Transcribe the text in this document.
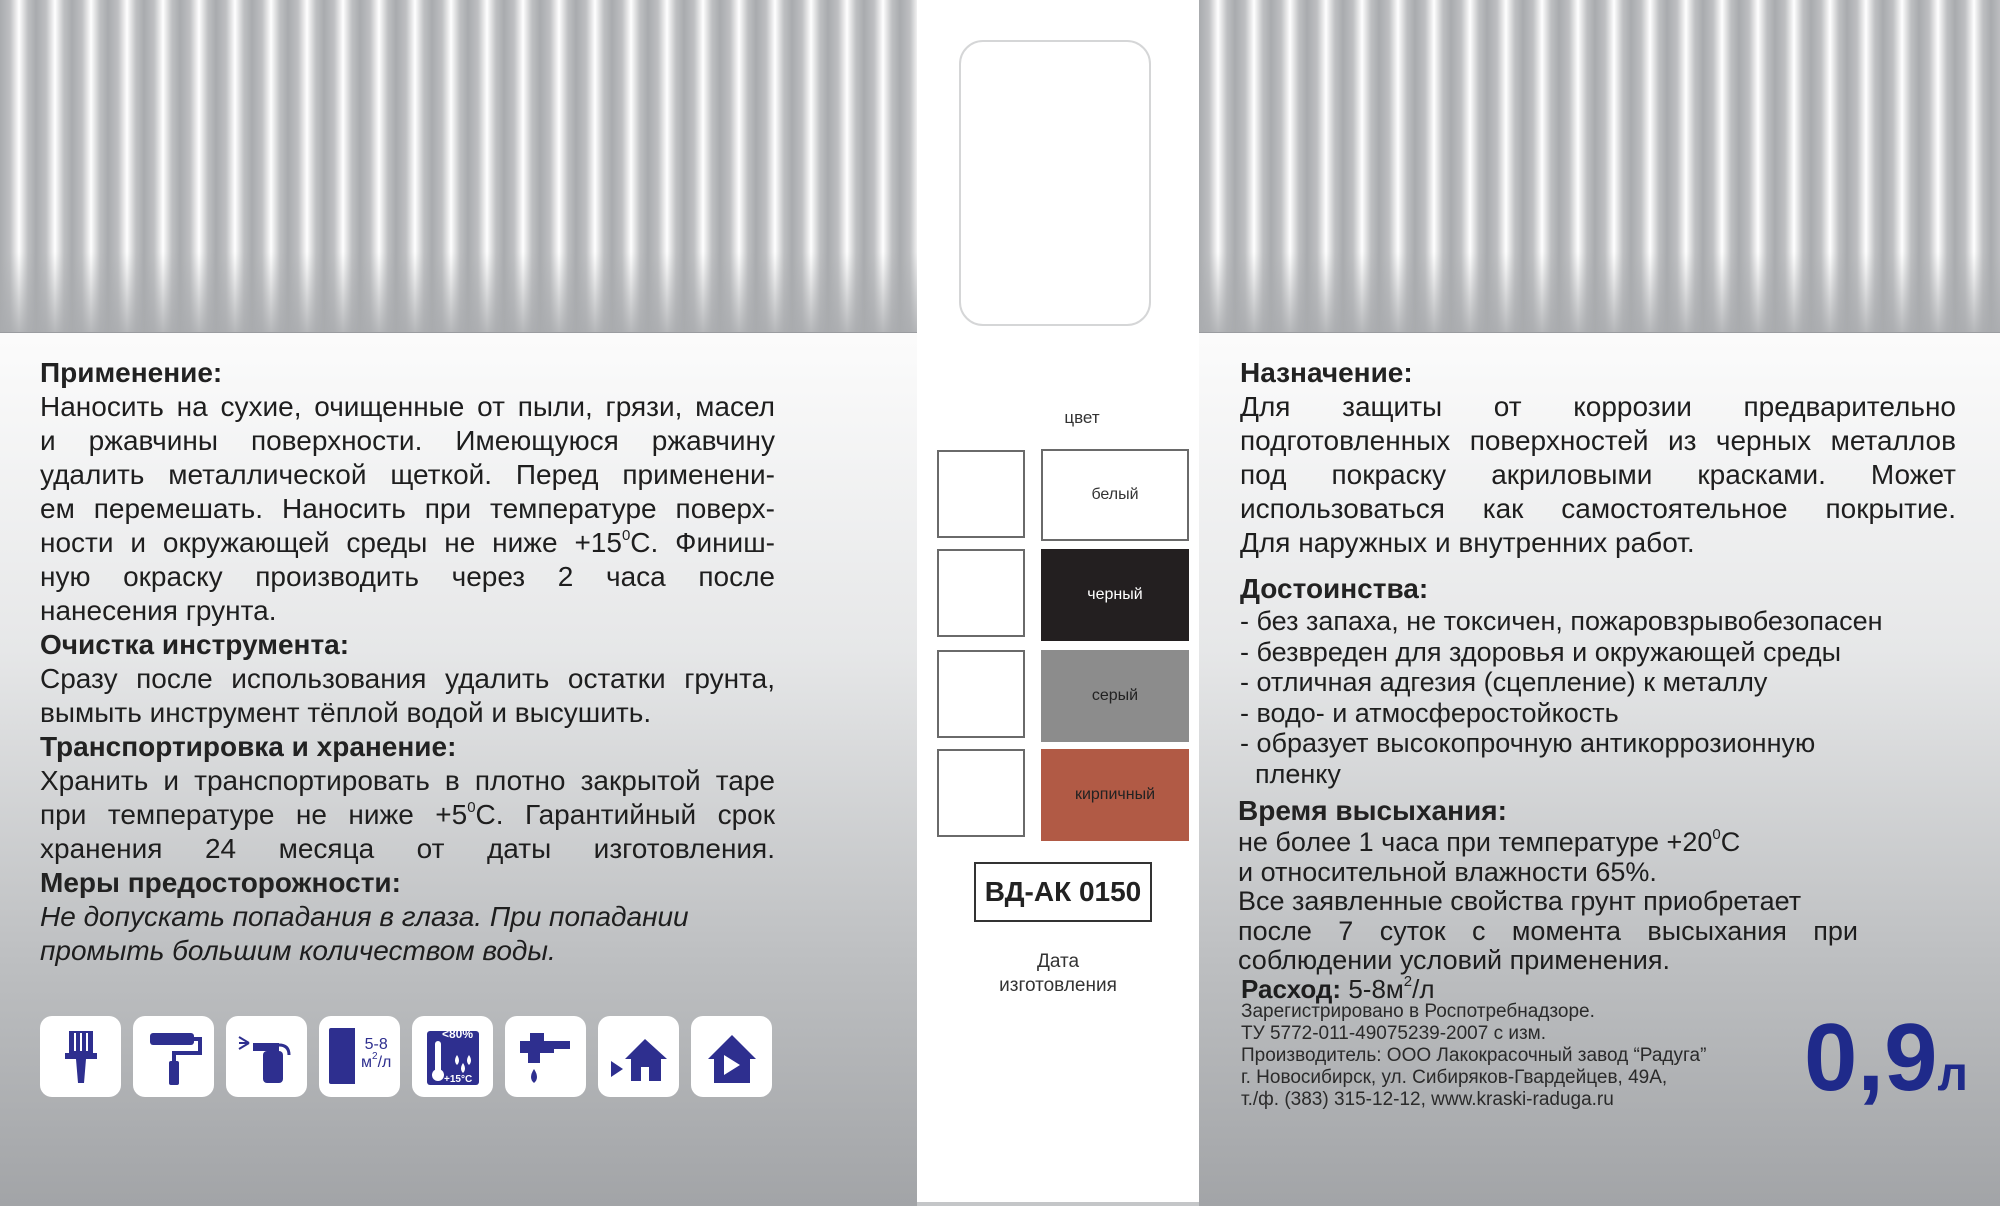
Применение:
Наносить на сухие, очищенные от пыли, грязи, масел
и ржавчины поверхности. Имеющуюся ржавчину
удалить металлической щеткой. Перед применени-
ем перемешать. Наносить при температуре поверх-
ности и окружающей среды не ниже $+15^0C$. Финиш-
ную окраску производить через 2 часа после
нанесения грунта.
Очистка инструмента:
Сразу после использования удалить остатки грунта,
вымыть инструмент тёплой водой и высушить.
Транспортировка и хранение:
Хранить и транспортировать в плотно закрытой таре
при температуре не ниже $+5^0C$. Гарантийный срок
хранения 24 месяца от даты изготовления.
Меры предосторожности:
Не допускать попадания в глаза. При попадании
промыть большим количеством воды.
5-8
$м^2/л$
<80%
+15°C
цвет
белый
черный
серый
кирпичный
ВД-АК 0150
Дата
изготовления
Назначение:
Для защиты от коррозии предварительно
подготовленных поверхностей из черных металлов
под покраску акриловыми красками. Может
использоваться как самостоятельное покрытие.
Для наружных и внутренних работ.
Достоинства:
- без запаха, не токсичен, пожаровзрывобезопасен
- безвреден для здоровья и окружающей среды
- отличная адгезия (сцепление) к металлу
- водо- и атмосферостойкость
- образует высокопрочную антикоррозионную
пленку
Время высыхания:
не более 1 часа при температуре $+20^0C$
и относительной влажности 65%.
Все заявленные свойства грунт приобретает
после 7 суток с момента высыхания при
соблюдении условий применения.
Расход: $5-8м^2/л$
Зарегистрировано в Роспотребнадзоре.
ТУ 5772-011-49075239-2007 с изм.
Производитель: ООО Лакокрасочный завод “Радуга”
г. Новосибирск, ул. Сибиряков-Гвардейцев, 49А,
т./ф. (383) 315-12-12, www.kraski-raduga.ru	0,9л
